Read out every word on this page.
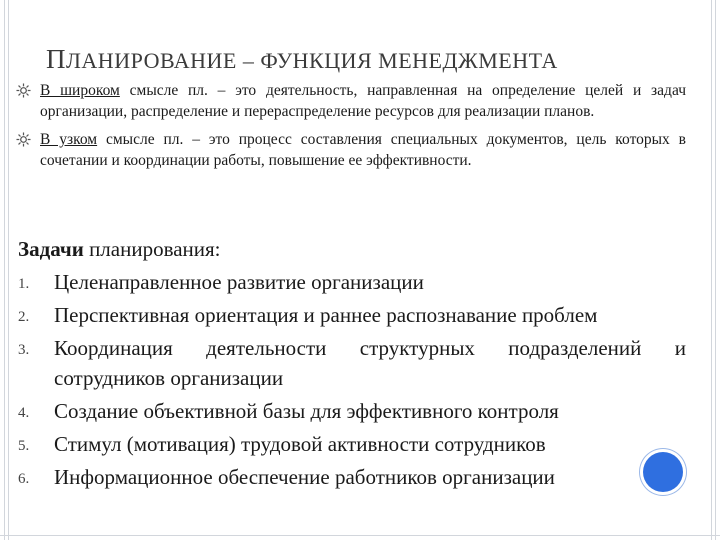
ПЛАНИРОВАНИЕ – ФУНКЦИЯ МЕНЕДЖМЕНТА
В широком смысле пл. – это деятельность, направленная на определение целей и задач организации, распределение и перераспределение ресурсов для реализации планов.
В узком смысле пл. – это процесс составления специальных документов, цель которых в сочетании и координации работы, повышение ее эффективности.
Задачи планирования:
1. Целенаправленное развитие организации
2. Перспективная ориентация и раннее распознавание проблем
3. Координация деятельности структурных подразделений и сотрудников организации
4. Создание объективной базы для эффективного контроля
5. Стимул (мотивация) трудовой активности сотрудников
6. Информационное обеспечение работников организации
